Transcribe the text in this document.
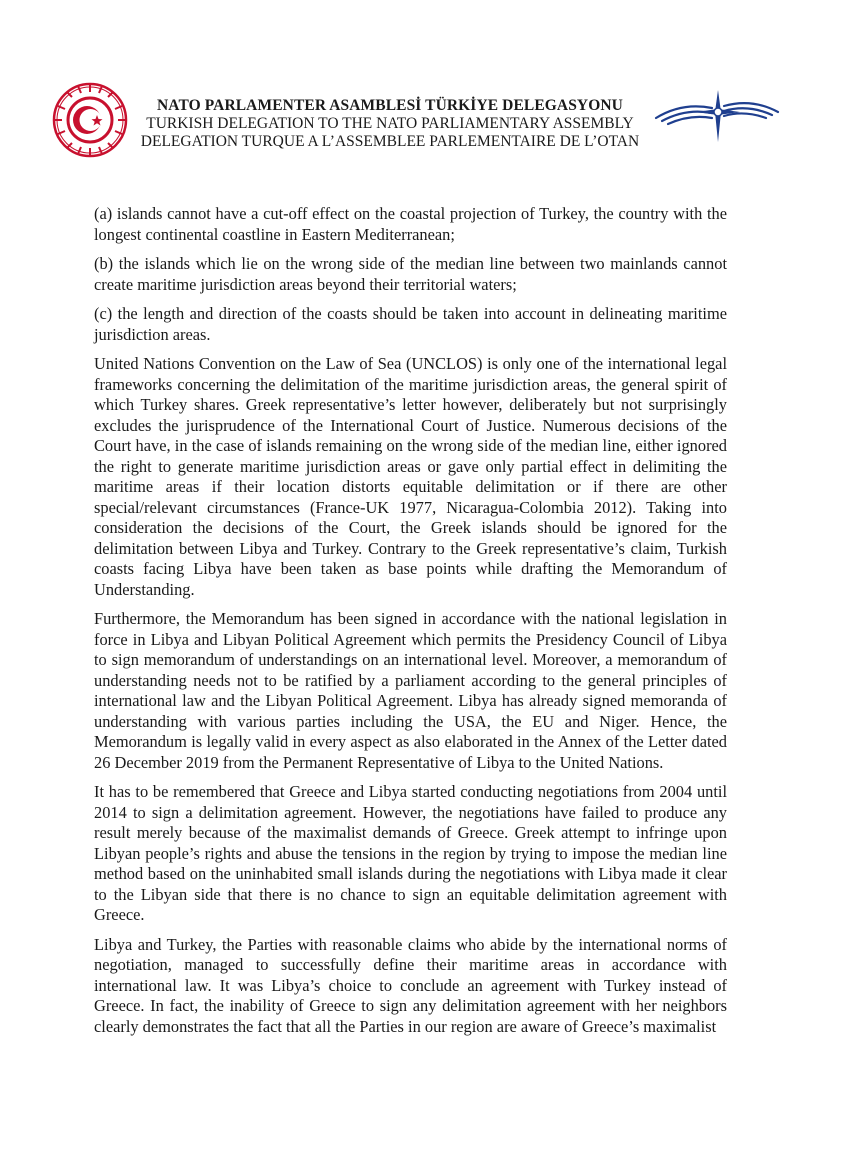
NATO PARLAMENTER ASAMBLESİ TÜRKİYE DELEGASYONU
TURKISH DELEGATION TO THE NATO PARLIAMENTARY ASSEMBLY
DELEGATION TURQUE A L’ASSEMBLEE PARLEMENTAIRE DE L’OTAN

(a) islands cannot have a cut-off effect on the coastal projection of Turkey, the country with the longest continental coastline in Eastern Mediterranean;

(b) the islands which lie on the wrong side of the median line between two mainlands cannot create maritime jurisdiction areas beyond their territorial waters;

(c) the length and direction of the coasts should be taken into account in delineating maritime jurisdiction areas.

United Nations Convention on the Law of Sea (UNCLOS) is only one of the international legal frameworks concerning the delimitation of the maritime jurisdiction areas, the general spirit of which Turkey shares. Greek representative’s letter however, deliberately but not surprisingly excludes the jurisprudence of the International Court of Justice. Numerous decisions of the Court have, in the case of islands remaining on the wrong side of the median line, either ignored the right to generate maritime jurisdiction areas or gave only partial effect in delimiting the maritime areas if their location distorts equitable delimitation or if there are other special/relevant circumstances (France-UK 1977, Nicaragua-Colombia 2012). Taking into consideration the decisions of the Court, the Greek islands should be ignored for the delimitation between Libya and Turkey. Contrary to the Greek representative’s claim, Turkish coasts facing Libya have been taken as base points while drafting the Memorandum of Understanding.

Furthermore, the Memorandum has been signed in accordance with the national legislation in force in Libya and Libyan Political Agreement which permits the Presidency Council of Libya to sign memorandum of understandings on an international level. Moreover, a memorandum of understanding needs not to be ratified by a parliament according to the general principles of international law and the Libyan Political Agreement. Libya has already signed memoranda of understanding with various parties including the USA, the EU and Niger. Hence, the Memorandum is legally valid in every aspect as also elaborated in the Annex of the Letter dated 26 December 2019 from the Permanent Representative of Libya to the United Nations.

It has to be remembered that Greece and Libya started conducting negotiations from 2004 until 2014 to sign a delimitation agreement. However, the negotiations have failed to produce any result merely because of the maximalist demands of Greece. Greek attempt to infringe upon Libyan people’s rights and abuse the tensions in the region by trying to impose the median line method based on the uninhabited small islands during the negotiations with Libya made it clear to the Libyan side that there is no chance to sign an equitable delimitation agreement with Greece.

Libya and Turkey, the Parties with reasonable claims who abide by the international norms of negotiation, managed to successfully define their maritime areas in accordance with international law. It was Libya’s choice to conclude an agreement with Turkey instead of Greece. In fact, the inability of Greece to sign any delimitation agreement with her neighbors clearly demonstrates the fact that all the Parties in our region are aware of Greece’s maximalist
